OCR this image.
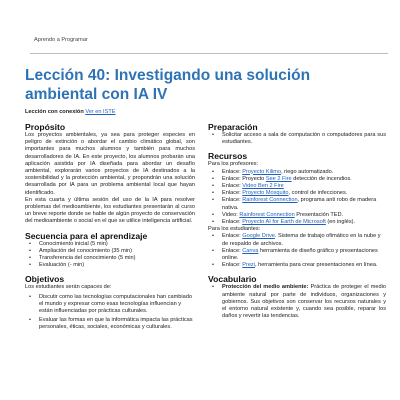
Aprendo a Programar
Lección 40: Investigando una solución ambiental con IA IV
Lección con conexión Ver en ISTE
Propósito

Los proyectos ambientales, ya sea para proteger especies en peligro de extinción o abordar el cambio climático global, son importantes para muchos alumnos y también para muchos desarrolladores de IA. En este proyecto, los alumnos probarán una aplicación asistida por IA diseñada para abordar un desafío ambiental, explorarán varios proyectos de IA destinados a la sostenibilidad y la protección ambiental, y propondrán una solución desarrollada por IA para un problema ambiental local que hayan identificado.

En esta cuarta y última sesión del uso de la IA para resolver problemas del medioambiente, los estudiantes presentarán al curso un breve reporte donde se hable de algún proyecto de conservación del medioambiente o social en el que se utilice inteligencia artificial.

Secuencia para el aprendizaje
• Conocimiento inicial (5 min)
• Ampliación del conocimiento (35 min)
• Transferencia del conocimiento (5 min)
• Evaluación (- min)
Objetivos

Los estudiantes serán capaces de:

• Discutir como las tecnologías computacionales han cambiado el mundo y expresar como esas tecnologías influencian y están influenciadas por prácticas culturales.
• Evaluar las formas en que la informática impacta las prácticas personales, éticas, sociales, económicas y culturales.
Preparación
• Solicitar acceso a sala de computación o computadores para sus estudiantes.
Recursos

Para los profesores:

• Enlace: Proyecto Kilimo, riego automatizado.
• Enlace: Proyecto See 2 Fire detección de incendios.
• Enlace: Video Ben 2 Fire
• Enlace: Proyecto Mosquito, control de infecciones.
• Enlace: Rainforest Connection, programa anti robo de madera nativa.
• Video: Rainforest Connection Presentación TED.
• Enlace: Proyecto AI for Earth de Microsoft (en inglés).

Para los estudiantes:

• Enlace: Google Drive. Sistema de trabajo ofimático en la nube y de respaldo de archivos.
• Enlace: Canva herramienta de diseño gráfico y presentaciones online.
• Enlace: Prezi, herramienta para crear presentaciones en línea.
Vocabulario
• Protección del medio ambiente: Práctica de proteger el medio ambiente natural por parte de individuos, organizaciones y gobiernos. Sus objetivos son conservar los recursos naturales y el entorno natural existente y, cuando sea posible, reparar los daños y revertir las tendencias.
